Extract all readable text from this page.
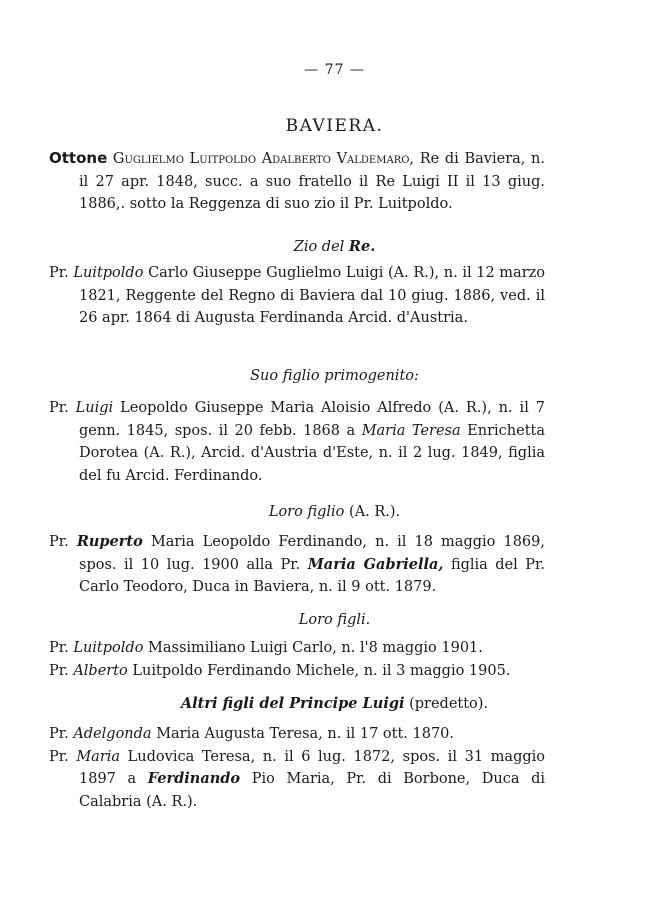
— 77 —
BAVIERA.

Ottone Guglielmo Luitpoldo Adalberto Valdemaro, Re di Baviera, n. il 27 apr. 1848, succ. a suo fratello il Re Luigi II il 13 giug. 1886,. sotto la Reggenza di suo zio il Pr. Luitpoldo.

Zio del Re.

Pr. Luitpoldo Carlo Giuseppe Guglielmo Luigi (A. R.), n. il 12 marzo 1821, Reggente del Regno di Baviera dal 10 giug. 1886, ved. il 26 apr. 1864 di Augusta Ferdinanda Arcid. d'Austria.

Suo figlio primogenito:

Pr. Luigi Leopoldo Giuseppe Maria Aloisio Alfredo (A. R.), n. il 7 genn. 1845, spos. il 20 febb. 1868 a Maria Teresa Enrichetta Dorotea (A. R.), Arcid. d'Austria d'Este, n. il 2 lug. 1849, figlia del fu Arcid. Ferdinando.

Loro figlio (A. R.).

Pr. Ruperto Maria Leopoldo Ferdinando, n. il 18 maggio 1869, spos. il 10 lug. 1900 alla Pr. Maria Gabriella, figlia del Pr. Carlo Teodoro, Duca in Baviera, n. il 9 ott. 1879.

Loro figli.

Pr. Luitpoldo Massimiliano Luigi Carlo, n. l'8 maggio 1901.

Pr. Alberto Luitpoldo Ferdinando Michele, n. il 3 maggio 1905.

Altri figli del Principe Luigi (predetto).

Pr. Adelgonda Maria Augusta Teresa, n. il 17 ott. 1870.

Pr. Maria Ludovica Teresa, n. il 6 lug. 1872, spos. il 31 maggio 1897 a Ferdinando Pio Maria, Pr. di Borbone, Duca di Calabria (A. R.).
